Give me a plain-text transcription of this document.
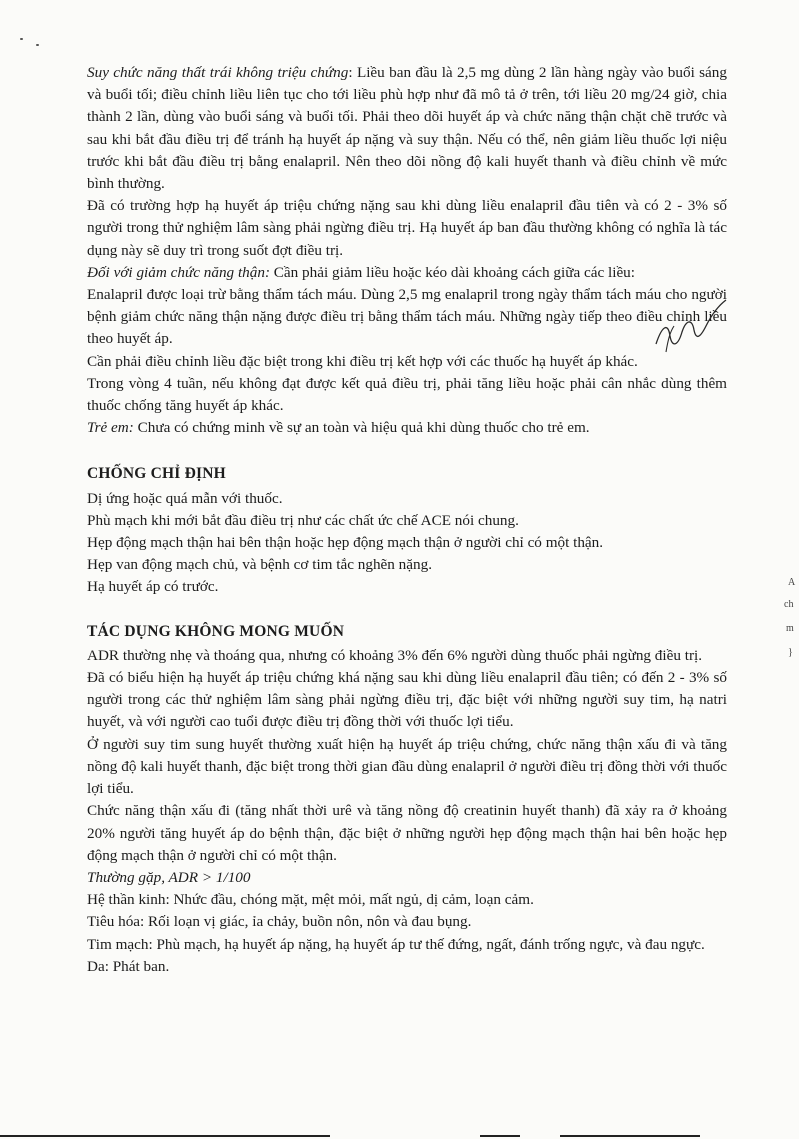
Suy chức năng thất trái không triệu chứng: Liều ban đầu là 2,5 mg dùng 2 lần hàng ngày vào buổi sáng và buổi tối; điều chỉnh liều liên tục cho tới liều phù hợp như đã mô tả ở trên, tới liều 20 mg/24 giờ, chia thành 2 lần, dùng vào buổi sáng và buổi tối. Phải theo dõi huyết áp và chức năng thận chặt chẽ trước và sau khi bắt đầu điều trị để tránh hạ huyết áp nặng và suy thận. Nếu có thể, nên giảm liều thuốc lợi niệu trước khi bắt đầu điều trị bằng enalapril. Nên theo dõi nồng độ kali huyết thanh và điều chỉnh về mức bình thường.

Đã có trường hợp hạ huyết áp triệu chứng nặng sau khi dùng liều enalapril đầu tiên và có 2 - 3% số người trong thử nghiệm lâm sàng phải ngừng điều trị. Hạ huyết áp ban đầu thường không có nghĩa là tác dụng này sẽ duy trì trong suốt đợt điều trị.

Đối với giảm chức năng thận: Cần phải giảm liều hoặc kéo dài khoảng cách giữa các liều:

Enalapril được loại trừ bằng thẩm tách máu. Dùng 2,5 mg enalapril trong ngày thẩm tách máu cho người bệnh giảm chức năng thận nặng được điều trị bằng thẩm tách máu. Những ngày tiếp theo điều chỉnh liều theo huyết áp.

Cần phải điều chỉnh liều đặc biệt trong khi điều trị kết hợp với các thuốc hạ huyết áp khác.

Trong vòng 4 tuần, nếu không đạt được kết quả điều trị, phải tăng liều hoặc phải cân nhắc dùng thêm thuốc chống tăng huyết áp khác.

Trẻ em: Chưa có chứng minh về sự an toàn và hiệu quả khi dùng thuốc cho trẻ em.

CHỐNG CHỈ ĐỊNH

Dị ứng hoặc quá mẫn với thuốc.

Phù mạch khi mới bắt đầu điều trị như các chất ức chế ACE nói chung.

Hẹp động mạch thận hai bên thận hoặc hẹp động mạch thận ở người chỉ có một thận.

Hẹp van động mạch chủ, và bệnh cơ tim tắc nghẽn nặng.

Hạ huyết áp có trước.

TÁC DỤNG KHÔNG MONG MUỐN

ADR thường nhẹ và thoáng qua, nhưng có khoảng 3% đến 6% người dùng thuốc phải ngừng điều trị.

Đã có biểu hiện hạ huyết áp triệu chứng khá nặng sau khi dùng liều enalapril đầu tiên; có đến 2 - 3% số người trong các thử nghiệm lâm sàng phải ngừng điều trị, đặc biệt với những người suy tim, hạ natri huyết, và với người cao tuổi được điều trị đồng thời với thuốc lợi tiểu.

Ở người suy tim sung huyết thường xuất hiện hạ huyết áp triệu chứng, chức năng thận xấu đi và tăng nồng độ kali huyết thanh, đặc biệt trong thời gian đầu dùng enalapril ở người điều trị đồng thời với thuốc lợi tiểu.

Chức năng thận xấu đi (tăng nhất thời urê và tăng nồng độ creatinin huyết thanh) đã xảy ra ở khoảng 20% người tăng huyết áp do bệnh thận, đặc biệt ở những người hẹp động mạch thận hai bên hoặc hẹp động mạch thận ở người chỉ có một thận.

Thường gặp, ADR > 1/100

Hệ thần kinh: Nhức đầu, chóng mặt, mệt mỏi, mất ngủ, dị cảm, loạn cảm.

Tiêu hóa: Rối loạn vị giác, ỉa chảy, buồn nôn, nôn và đau bụng.

Tim mạch: Phù mạch, hạ huyết áp nặng, hạ huyết áp tư thế đứng, ngất, đánh trống ngực, và đau ngực.

Da: Phát ban.

A
ch
m
}
